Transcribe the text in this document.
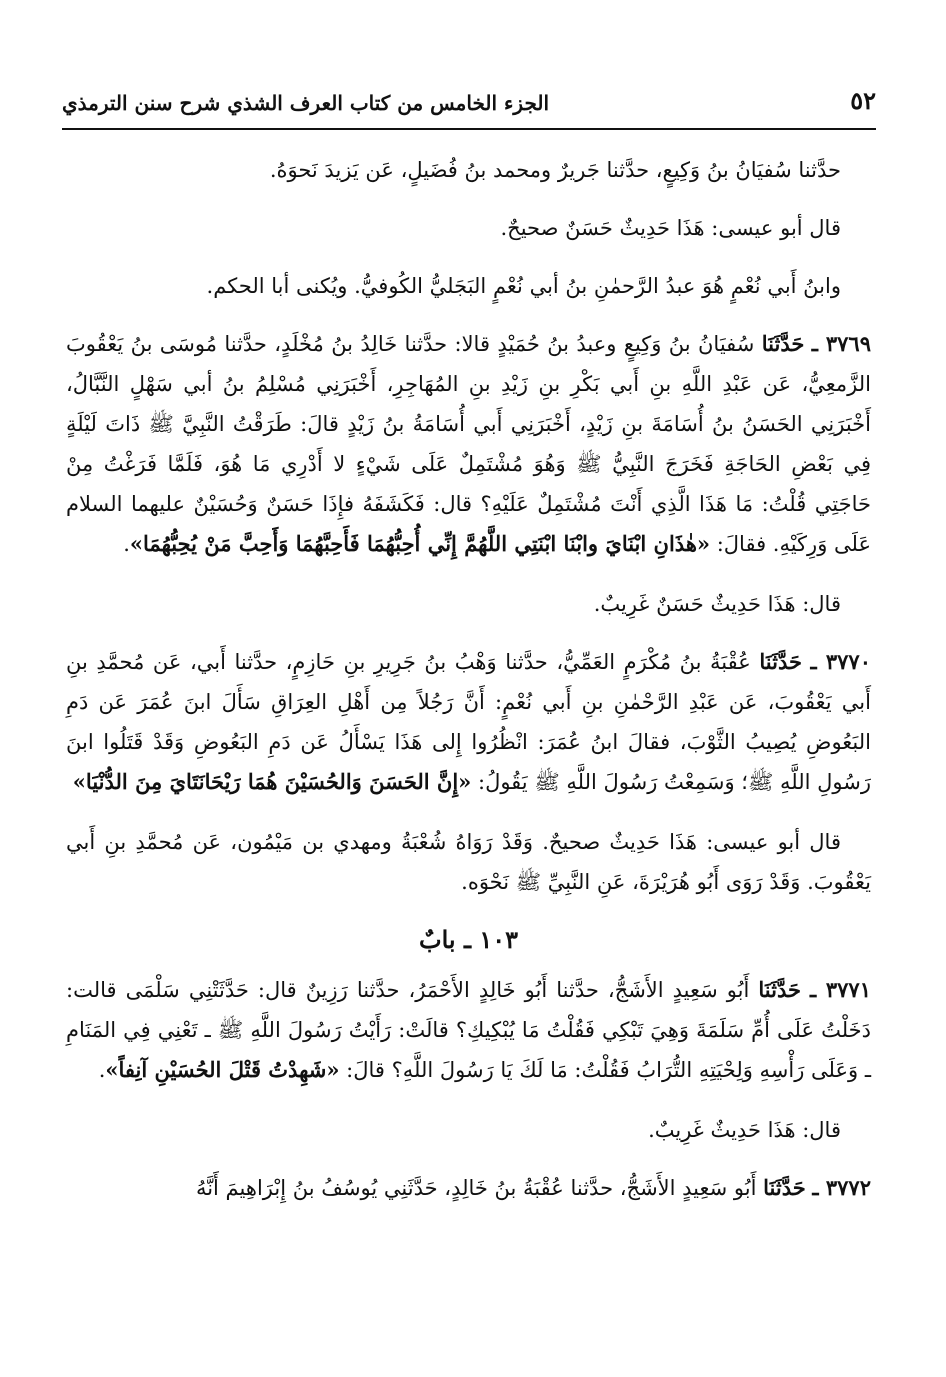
٥٢
الجزء الخامس من كتاب العرف الشذي شرح سنن الترمذي

حدَّثنا سُفيَانُ بنُ وَكِيعٍ، حدَّثنا جَريرٌ ومحمد بنُ فُضَيلٍ، عَن يَزيدَ نَحوَهُ.

قال أبو عيسى: هَذَا حَدِيثٌ حَسَنٌ صحيحٌ.

وابنُ أَبي نُعْمٍ هُوَ عبدُ الرَّحمٰنِ بنُ أبي نُعْمٍ البَجَليُّ الكُوفيُّ. ويُكنى أبا الحكم.

٣٧٦٩ ـ حَدَّثَنَا سُفيَانُ بنُ وَكِيعٍ وعبدُ بنُ حُمَيْدٍ قالا: حدَّثنا خَالِدُ بنُ مُخْلَدٍ، حدَّثنا مُوسَى بنُ يَعْقُوبَ الزَّمعِيُّ، عَن عَبْدِ اللَّهِ بنِ أَبي بَكْرِ بنِ زَيْدِ بنِ المُهَاجِرِ، أَخْبَرَنِي مُسْلِمُ بنُ أبي سَهْلٍ النَّبَّالُ، أَخْبَرَنِي الحَسَنُ بنُ أُسَامَةَ بنِ زَيْدٍ، أَخْبَرَنِي أَبي أُسَامَةُ بنُ زَيْدٍ قالَ: طَرَقْتُ النَّبِيَّ ﷺ ذَاتَ لَيْلَةٍ فِي بَعْضِ الحَاجَةِ فَخَرَجَ النَّبِيُّ ﷺ وَهُوَ مُشْتَمِلٌ عَلَى شَيْءٍ لا أَدْرِي مَا هُوَ، فَلَمَّا فَرَغْتُ مِنْ حَاجَتِي قُلْتُ: مَا هَذَا الَّذِي أَنْتَ مُشْتَمِلٌ عَلَيْهِ؟ قال: فَكَشَفَهُ فإِذَا حَسَنٌ وَحُسَيْنٌ عليهما السلام عَلَى وَرِكَيْهِ. فقالَ: «هٰذَانِ ابْنَايَ وابْنَا ابْنَتِي اللَّهُمَّ إِنِّي أُحِبُّهُمَا فَأَحِبَّهُمَا وَأَحِبَّ مَنْ يُحِبُّهُمَا».

قال: هَذَا حَدِيثٌ حَسَنٌ غَرِيبٌ.

٣٧٧٠ ـ حَدَّثَنَا عُقْبَةُ بنُ مُكْرَمٍ العَمِّيُّ، حدَّثنا وَهْبُ بنُ جَرِيرِ بنِ حَازِمٍ، حدَّثنا أَبي، عَن مُحمَّدِ بنِ أَبي يَعْقُوبَ، عَن عَبْدِ الرَّحْمٰنِ بنِ أَبي نُعْمٍ: أَنَّ رَجُلاً مِن أَهْلِ العِرَاقِ سَأَلَ ابنَ عُمَرَ عَن دَمِ البَعُوضِ يُصِيبُ الثَّوْبَ، فقالَ ابنُ عُمَرَ: انْظُرُوا إِلى هَذَا يَسْأَلُ عَن دَمِ البَعُوضِ وَقَدْ قَتَلُوا ابنَ رَسُولِ اللَّهِ ﷺ؛ وَسَمِعْتُ رَسُولَ اللَّهِ ﷺ يَقُولُ: «إِنَّ الحَسَنَ وَالحُسَيْنَ هُمَا رَيْحَانَتَايَ مِنَ الدُّنْيَا»

قال أبو عيسى: هَذَا حَدِيثٌ صحيحٌ. وَقَدْ رَوَاهُ شُعْبَةُ ومهدي بن مَيْمُون، عَن مُحمَّدِ بنِ أَبي يَعْقُوبَ. وَقَدْ رَوَى أَبُو هُرَيْرَةَ، عَنِ النَّبِيِّ ﷺ نَحْوَه.

١٠٣ ـ بابٌ

٣٧٧١ ـ حَدَّثَنَا أَبُو سَعِيدٍ الأَشَجُّ، حدَّثنا أَبُو خَالِدٍ الأَحْمَرُ، حدَّثنا رَزِينٌ قال: حَدَّثَتْنِي سَلْمَى قالت: دَخَلْتُ عَلَى أُمِّ سَلَمَةَ وَهِيَ تَبْكِي فَقُلْتُ مَا يُبْكِيكِ؟ قالَتْ: رَأَيْتُ رَسُولَ اللَّهِ ﷺ ـ تَعْنِي فِي المَنَامِ ـ وَعَلَى رَأْسِهِ وَلِحْيَتِهِ التُّرَابُ فَقُلْتُ: مَا لَكَ يَا رَسُولَ اللَّهِ؟ قالَ: «شَهِدْتُ قَتْلَ الحُسَيْنِ آنِفاً».

قال: هَذَا حَدِيثٌ غَرِيبٌ.

٣٧٧٢ ـ حَدَّثَنَا أَبُو سَعِيدٍ الأَشَجُّ، حدَّثنا عُقْبَةُ بنُ خَالِدٍ، حَدَّثَنِي يُوسُفُ بنُ إِبْرَاهِيمَ أَنَّهُ
